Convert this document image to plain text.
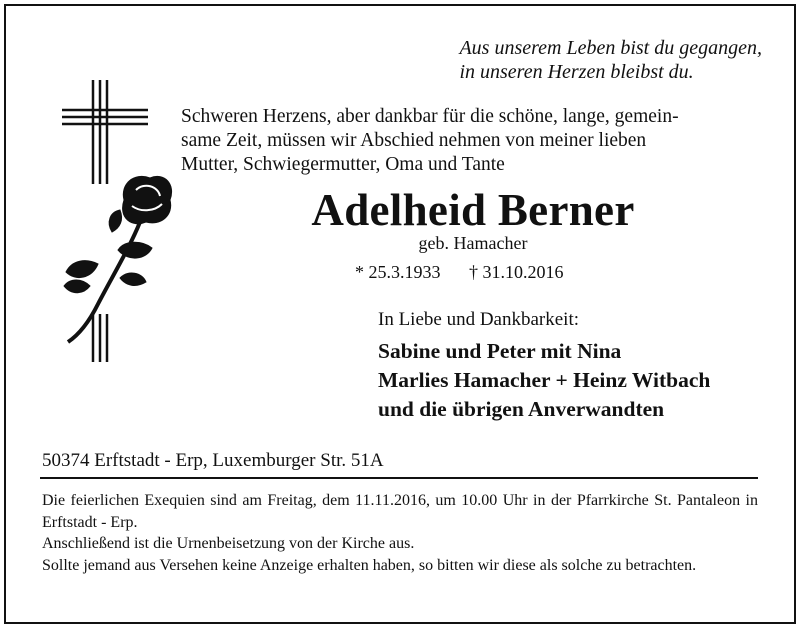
Aus unserem Leben bist du gegangen,
in unseren Herzen bleibst du.
Schweren Herzens, aber dankbar für die schöne, lange, gemein-
same Zeit, müssen wir Abschied nehmen von meiner lieben
Mutter, Schwiegermutter, Oma und Tante
Adelheid Berner
geb. Hamacher
* 25.3.1933 † 31.10.2016
In Liebe und Dankbarkeit:
Sabine und Peter mit Nina
Marlies Hamacher + Heinz Witbach
und die übrigen Anverwandten
50374 Erftstadt - Erp, Luxemburger Str. 51A

Die feierlichen Exequien sind am Freitag, dem 11.11.2016, um 10.00 Uhr in der Pfarrkirche St. Pantaleon in Erftstadt - Erp.

Anschließend ist die Urnenbeisetzung von der Kirche aus.

Sollte jemand aus Versehen keine Anzeige erhalten haben, so bitten wir diese als solche zu betrachten.
